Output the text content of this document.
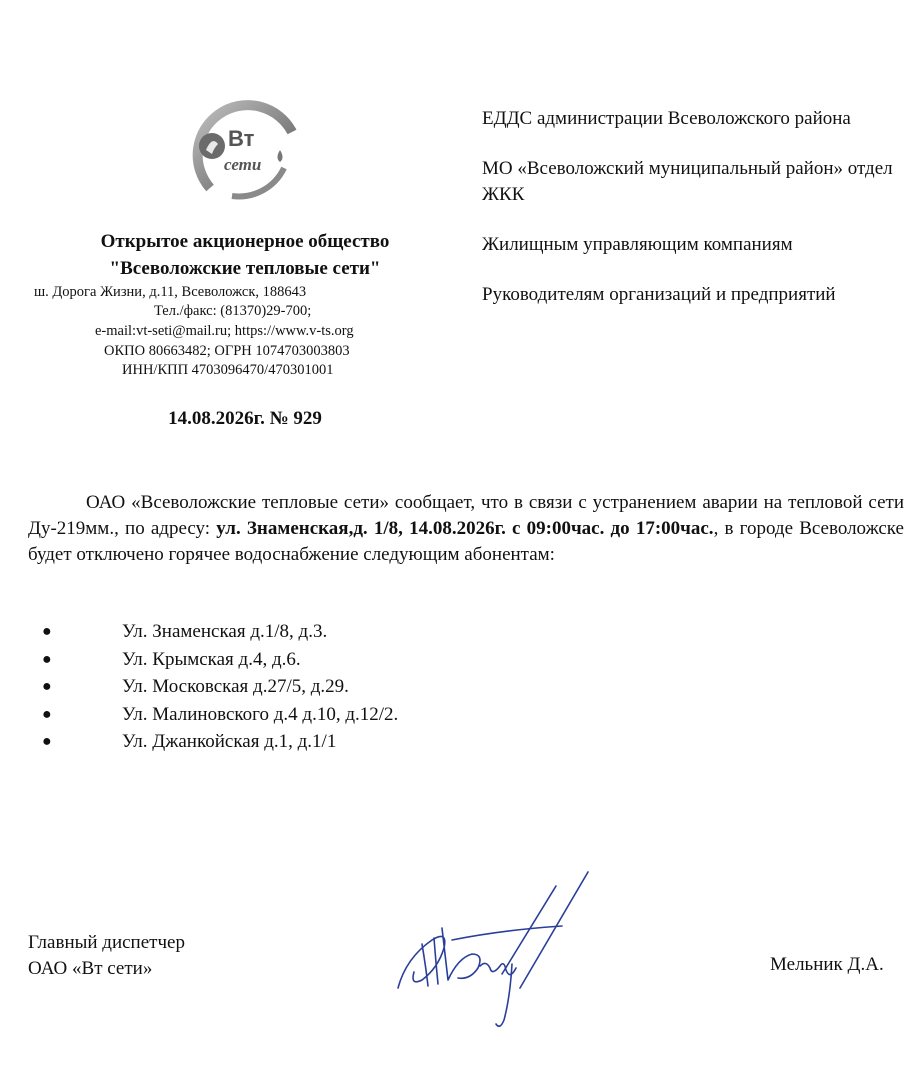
Вт
сети
Открытое акционерное общество
"Всеволожские тепловые сети"
ш. Дорога Жизни, д.11, Всеволожск, 188643
Тел./факс: (81370)29-700;
e-mail:vt-seti@mail.ru; https://www.v-ts.org
ОКПО 80663482; ОГРН 1074703003803
ИНН/КПП 4703096470/470301001
14.08.2026г. № 929

ЕДДС администрации Всеволожского района

МО «Всеволожский муниципальный район» отдел ЖКК

Жилищным управляющим компаниям

Руководителям организаций и предприятий

ОАО «Всеволожские тепловые сети» сообщает, что в связи с устранением аварии на тепловой сети Ду-219мм., по адресу: ул. Знаменская,д. 1/8, 14.08.2026г. с 09:00час. до 17:00час., в городе Всеволожске будет отключено горячее водоснабжение следующим абонентам:
●	Ул. Знаменская д.1/8, д.3.
●	Ул. Крымская д.4, д.6.
●	Ул. Московская д.27/5, д.29.
●	Ул. Малиновского д.4 д.10, д.12/2.
●	Ул. Джанкойская д.1, д.1/1
Главный диспетчер
ОАО «Вт сети»	Мельник Д.А.
